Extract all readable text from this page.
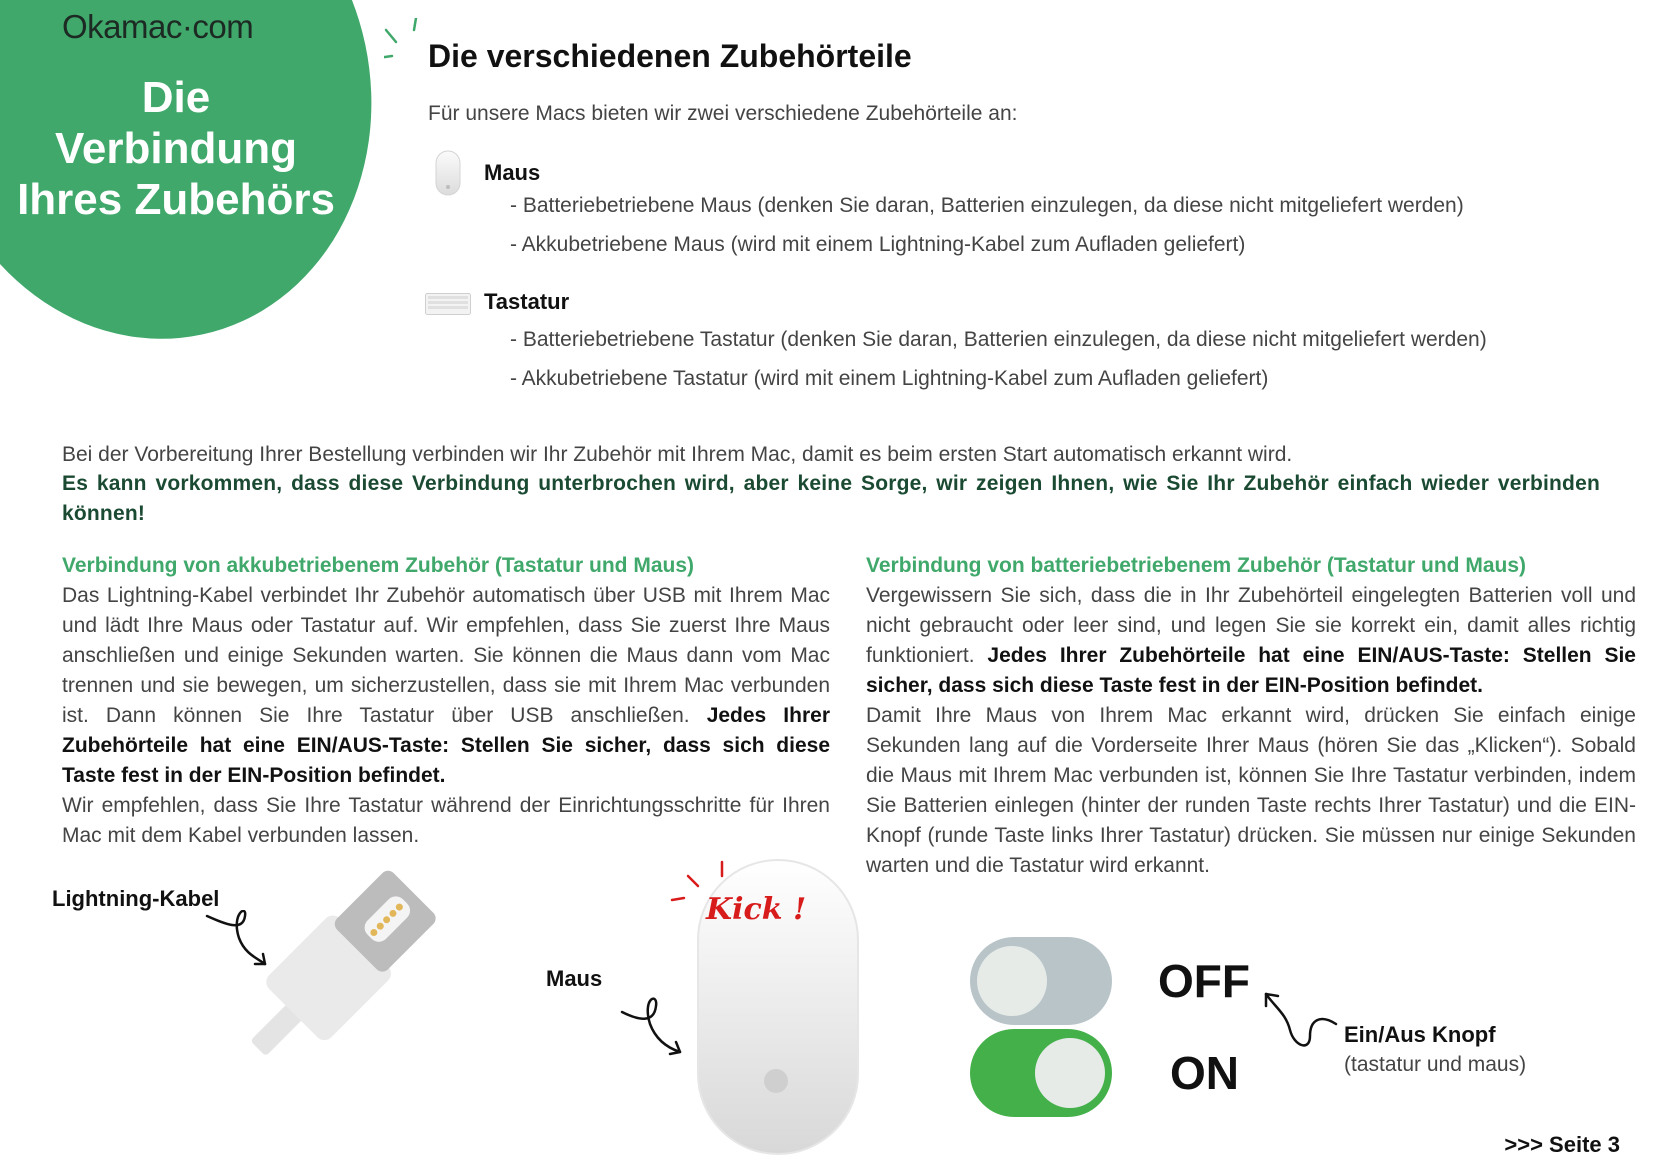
Okamac·com
Die
Verbindung
Ihres Zubehörs
Die verschiedenen Zubehörteile
Für unsere Macs bieten wir zwei verschiedene Zubehörteile an:
Maus
- Batteriebetriebene Maus (denken Sie daran, Batterien einzulegen, da diese nicht mitgeliefert werden)
- Akkubetriebene Maus (wird mit einem Lightning-Kabel zum Aufladen geliefert)
Tastatur
- Batteriebetriebene Tastatur (denken Sie daran, Batterien einzulegen, da diese nicht mitgeliefert werden)
- Akkubetriebene Tastatur (wird mit einem Lightning-Kabel zum Aufladen geliefert)
Bei der Vorbereitung Ihrer Bestellung verbinden wir Ihr Zubehör mit Ihrem Mac, damit es beim ersten Start automatisch erkannt wird.
Es kann vorkommen, dass diese Verbindung unterbrochen wird, aber keine Sorge, wir zeigen Ihnen, wie Sie Ihr Zubehör einfach wieder verbinden können!

Verbindung von akkubetriebenem Zubehör (Tastatur und Maus)

Das Lightning-Kabel verbindet Ihr Zubehör automatisch über USB mit Ihrem Mac und lädt Ihre Maus oder Tastatur auf. Wir empfehlen, dass Sie zuerst Ihre Maus anschließen und einige Sekunden warten. Sie können die Maus dann vom Mac trennen und sie bewegen, um sicherzustellen, dass sie mit Ihrem Mac verbunden ist. Dann können Sie Ihre Tastatur über USB anschließen. Jedes Ihrer Zubehörteile hat eine EIN/AUS-Taste: Stellen Sie sicher, dass sich diese Taste fest in der EIN-Position befindet.

Wir empfehlen, dass Sie Ihre Tastatur während der Einrichtungsschritte für Ihren Mac mit dem Kabel verbunden lassen.

Verbindung von batteriebetriebenem Zubehör (Tastatur und Maus)

Vergewissern Sie sich, dass die in Ihr Zubehörteil eingelegten Batterien voll und nicht gebraucht oder leer sind, und legen Sie sie korrekt ein, damit alles richtig funktioniert. Jedes Ihrer Zubehörteile hat eine EIN/AUS-Taste: Stellen Sie sicher, dass sich diese Taste fest in der EIN-Position befindet.

Damit Ihre Maus von Ihrem Mac erkannt wird, drücken Sie einfach einige Sekunden lang auf die Vorderseite Ihrer Maus (hören Sie das „Klicken“). Sobald die Maus mit Ihrem Mac verbunden ist, können Sie Ihre Tastatur verbinden, indem Sie Batterien einlegen (hinter der runden Taste rechts Ihrer Tastatur) und die EIN-Knopf (runde Taste links Ihrer Tastatur) drücken. Sie müssen nur einige Sekunden warten und die Tastatur wird erkannt.

Lightning-Kabel
Maus
Kick !
OFF
ON
Ein/Aus Knopf
(tastatur und maus)
>>> Seite 3
